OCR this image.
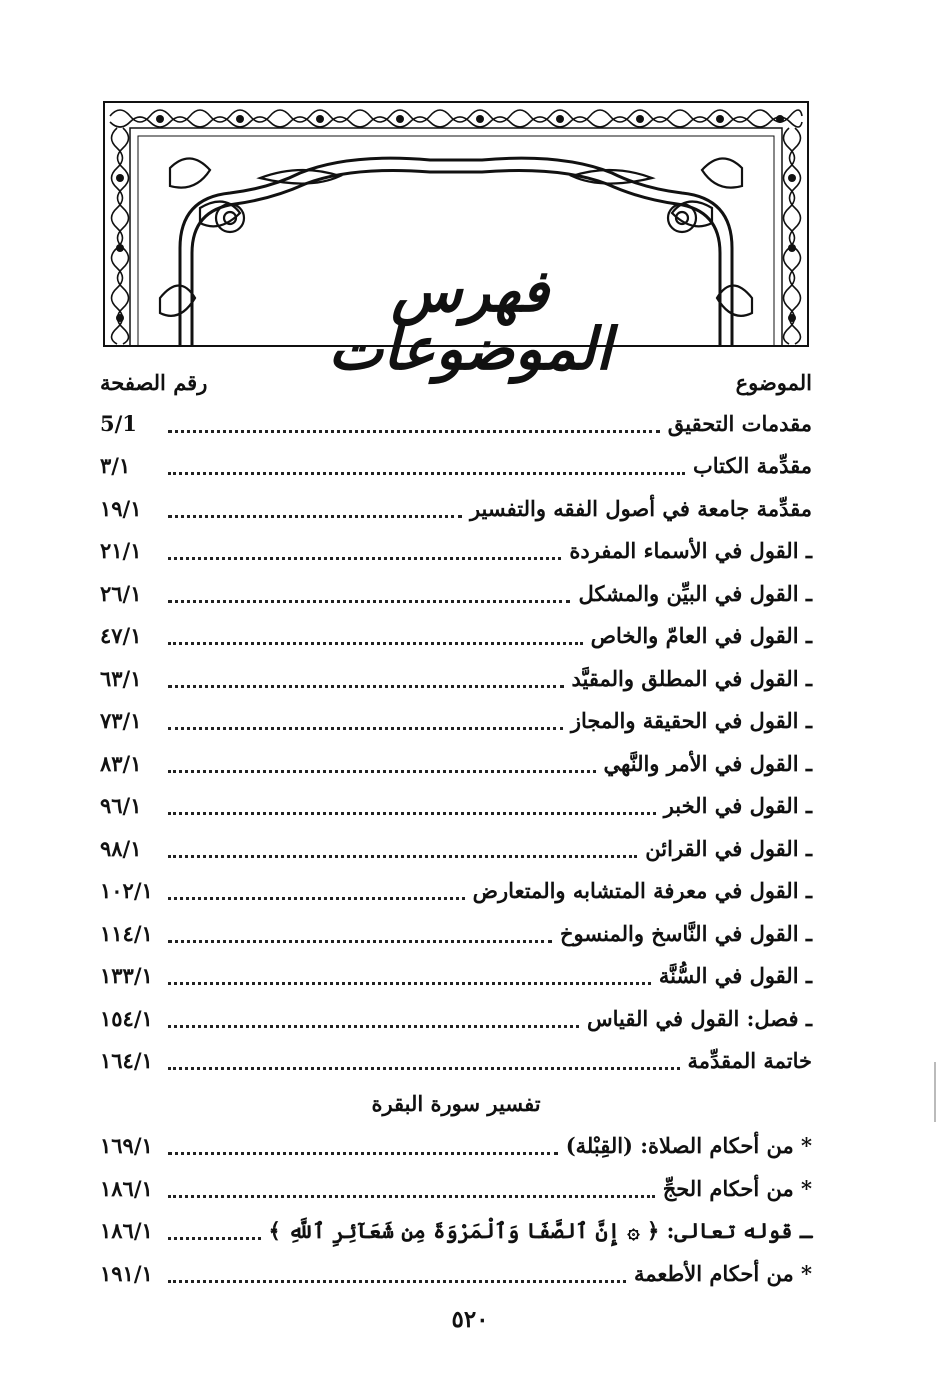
فهرس الموضوعات	الموضوع
رقم الصفحة
مقدمات التحقيق
5/1
مقدِّمة الكتاب
٣/١
مقدِّمة جامعة في أصول الفقه والتفسير
١٩/١
ـ القول في الأسماء المفردة
٢١/١
ـ القول في البيِّن والمشكل
٢٦/١
ـ القول في العامّ والخاص
٤٧/١
ـ القول في المطلق والمقيَّد
٦٣/١
ـ القول في الحقيقة والمجاز
٧٣/١
ـ القول في الأمر والنَّهي
٨٣/١
ـ القول في الخبر
٩٦/١
ـ القول في القرائن
٩٨/١
ـ القول في معرفة المتشابه والمتعارض
١٠٢/١
ـ القول في النَّاسخ والمنسوخ
١١٤/١
ـ القول في السُّنَّة
١٣٣/١
ـ فصل: القول في القياس
١٥٤/١
خاتمة المقدِّمة
١٦٤/١
تفسير سورة البقرة
* من أحكام الصلاة: (القِبْلة)
١٦٩/١
* من أحكام الحجِّ
١٨٦/١
ـ قوله تعالى: ﴿ ۞ إِنَّ ٱلصَّفَا وَٱلْمَرْوَةَ مِن شَعَآئِرِ ٱللَّهِ ﴾
١٨٦/١
* من أحكام الأطعمة
١٩١/١
٥٢٠
